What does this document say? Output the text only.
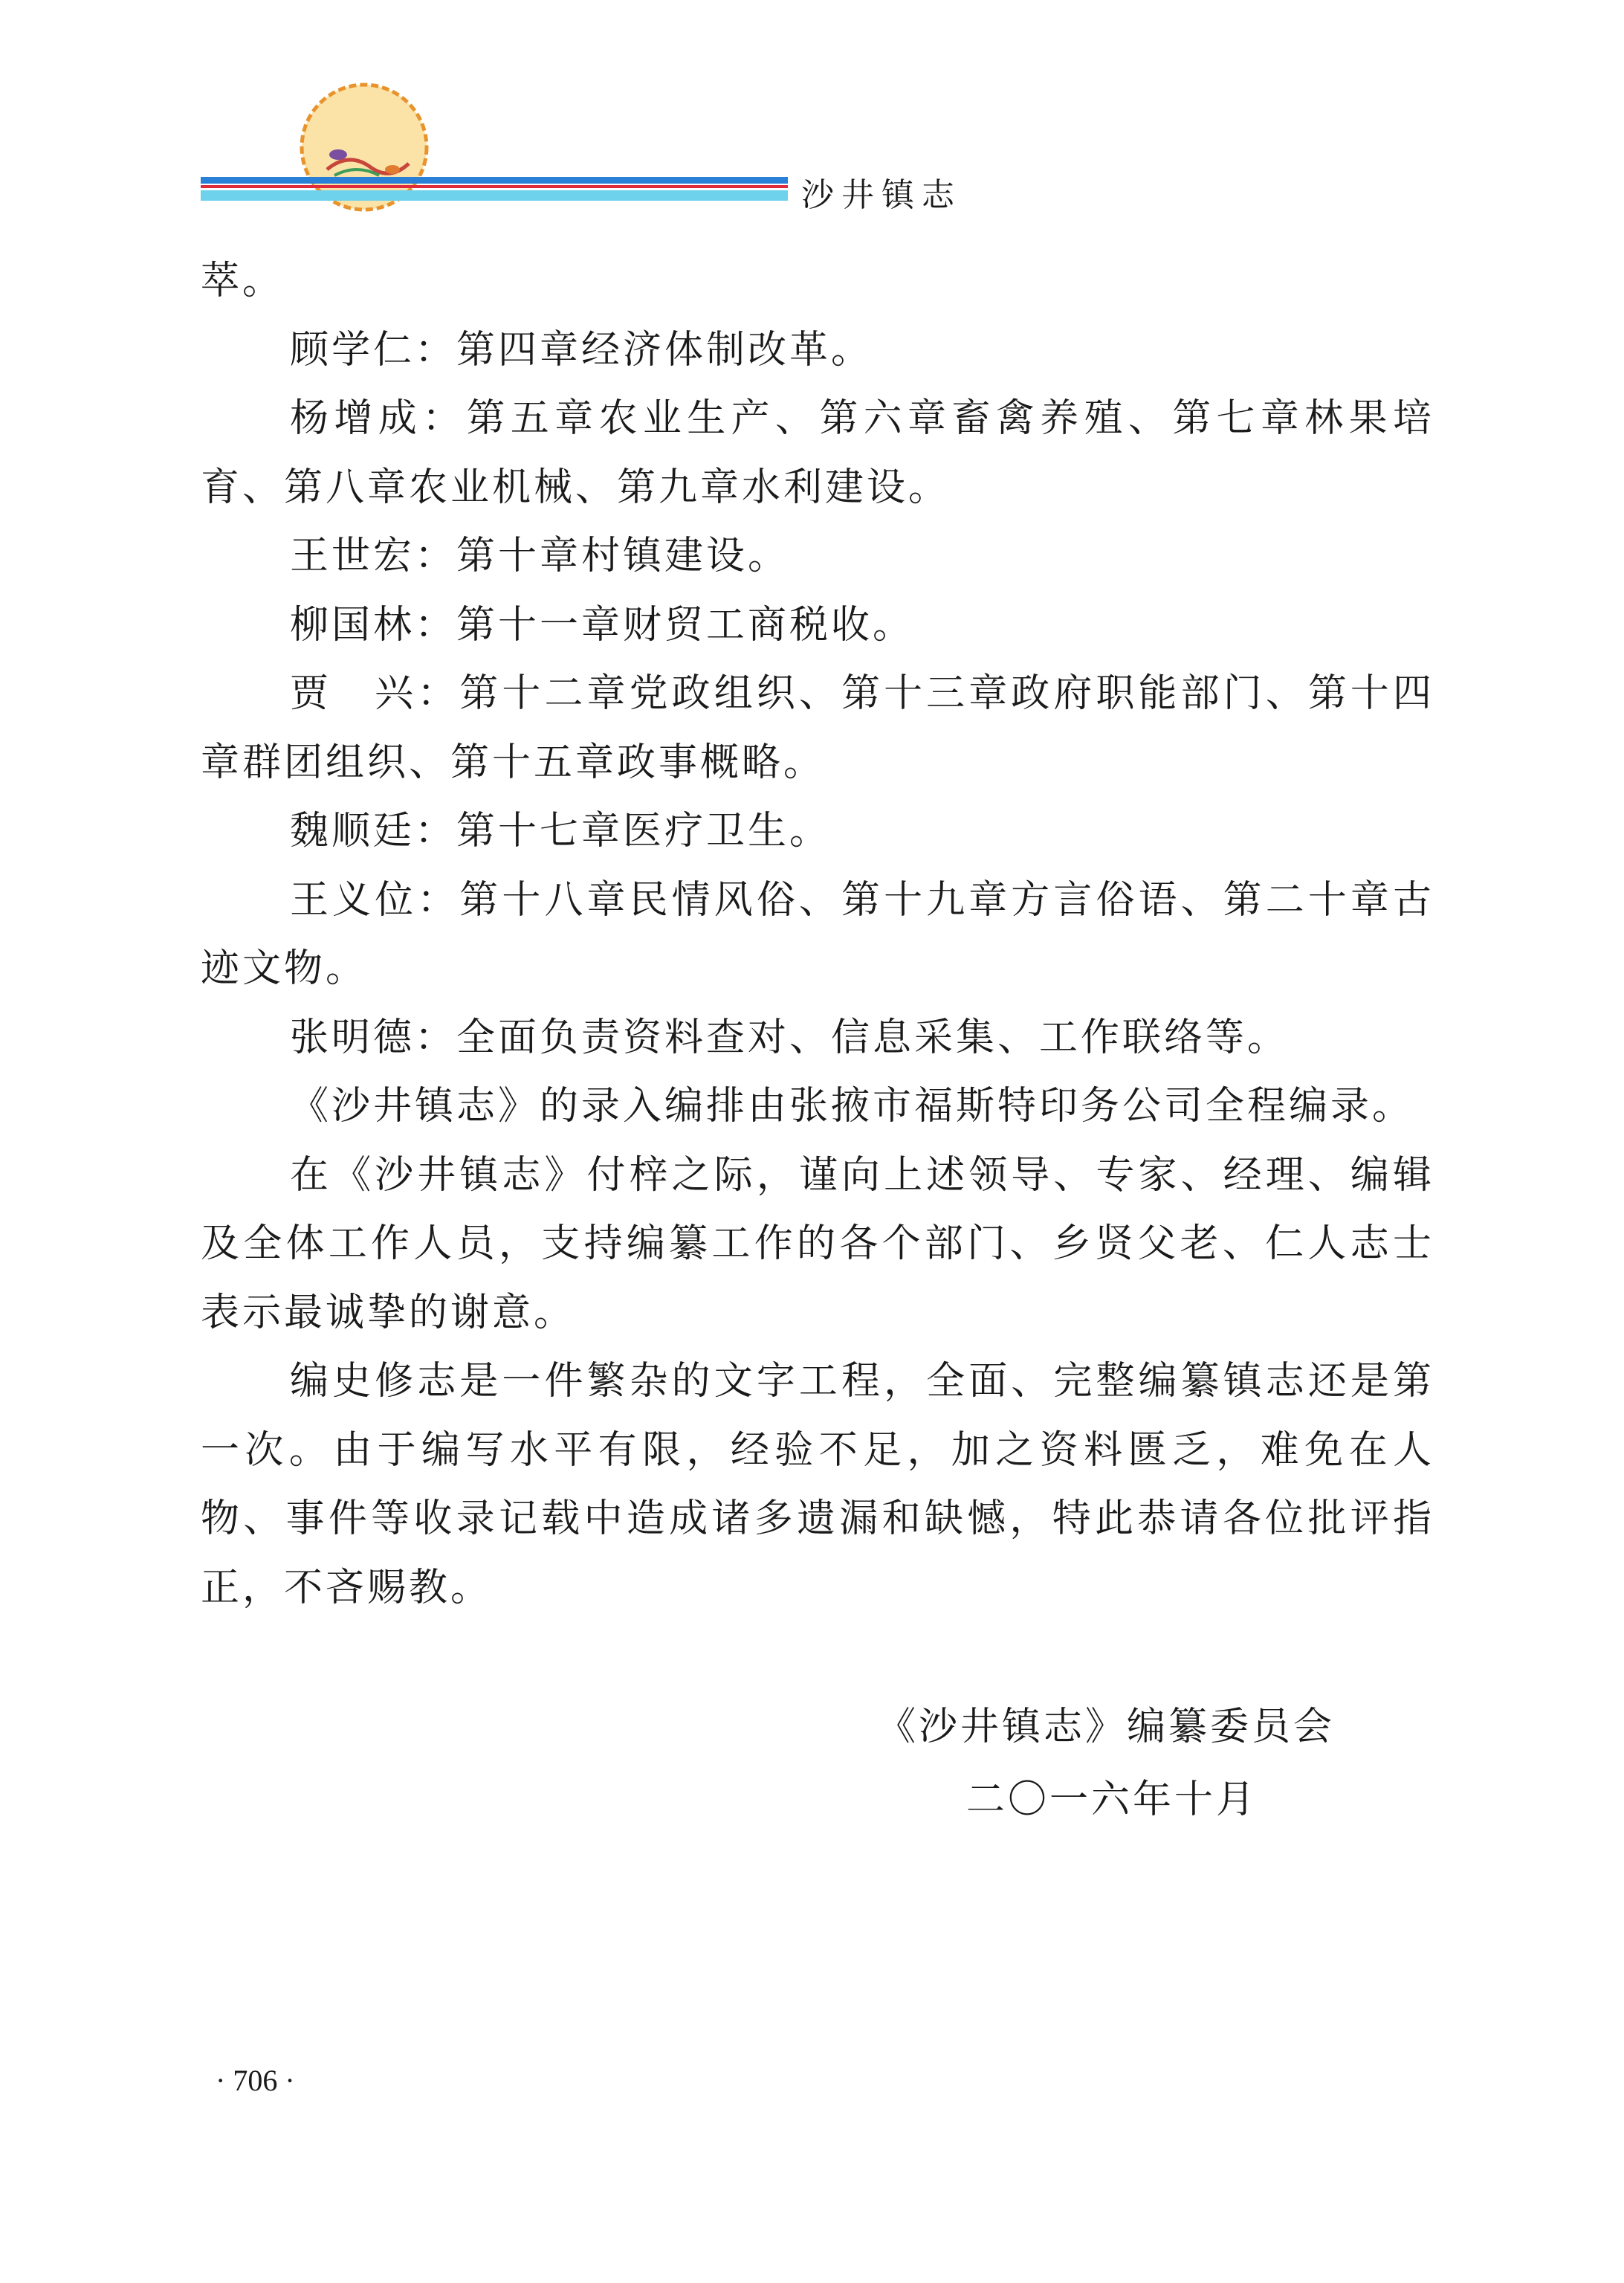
沙井镇志

萃。

顾学仁：第四章经济体制改革。

杨增成：第五章农业生产、第六章畜禽养殖、第七章林果培育、第八章农业机械、第九章水利建设。

王世宏：第十章村镇建设。

柳国林：第十一章财贸工商税收。

贾　兴：第十二章党政组织、第十三章政府职能部门、第十四章群团组织、第十五章政事概略。

魏顺廷：第十七章医疗卫生。

王义位：第十八章民情风俗、第十九章方言俗语、第二十章古迹文物。

张明德：全面负责资料查对、信息采集、工作联络等。

《沙井镇志》的录入编排由张掖市福斯特印务公司全程编录。

在《沙井镇志》付梓之际，谨向上述领导、专家、经理、编辑及全体工作人员，支持编纂工作的各个部门、乡贤父老、仁人志士表示最诚挚的谢意。

编史修志是一件繁杂的文字工程，全面、完整编纂镇志还是第一次。由于编写水平有限，经验不足，加之资料匮乏，难免在人物、事件等收录记载中造成诸多遗漏和缺憾，特此恭请各位批评指正，不吝赐教。

《沙井镇志》编纂委员会
二〇一六年十月
· 706 ·
